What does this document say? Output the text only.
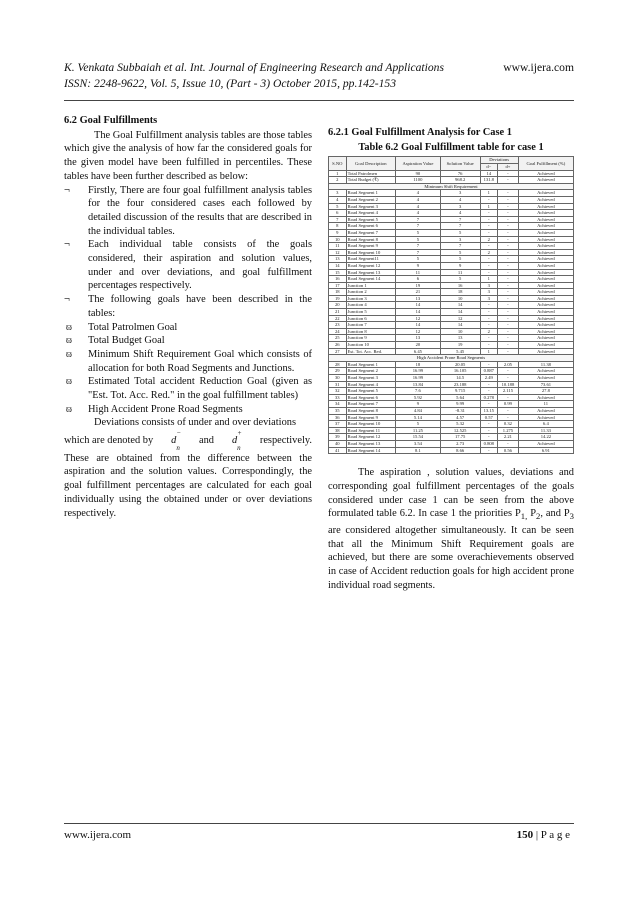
K. Venkata Subbaiah et al. Int. Journal of Engineering Research and Applications	www.ijera.com
ISSN: 2248-9622, Vol. 5, Issue 10, (Part - 3) October 2015, pp.142-153

6.2 Goal Fulfillments

The Goal Fulfillment analysis tables are those tables which give the analysis of how far the considered goals for the given model have been fulfilled in percentiles. These tables have been further described as below:

¬ Firstly, There are four goal fulfillment analysis tables for the four considered cases each followed by detailed discussion of the results that are described in the individual tables.

¬ Each individual table consists of the goals considered, their aspiration and solution values, under and over deviations, and goal fulfillment percentages respectively.

¬ The following goals have been described in the tables:

ϖ Total Patrolmen Goal

ϖ Total Budget Goal

ϖ Minimum Shift Requirement Goal which consists of allocation for both Road Segments and Junctions.

ϖ Estimated Total accident Reduction Goal (given as "Est. Tot. Acc. Red." in the goal fulfillment tables)

ϖ High Accident Prone Road Segments

Deviations consists of under and over deviations

which are denoted by d−
$_n$
and d+
$_n$
respectively.

These are obtained from the difference between the aspiration and the solution values. Correspondingly, the goal fulfillment percentages are calculated for each goal individually using the obtained under or over deviations respectively.

6.2.1 Goal Fulfillment Analysis for Case 1

Table 6.2 Goal Fulfillment table for case 1

S.NO	Goal Description	Aspiration Value	Solution Value	Deviations		Goal Fulfillment (%)
				d−	d+	
1	Total Patrolmen	90	76	14	-	Achieved
2	Total Budget (₹)	1100	968.2	131.8	-	Achieved
Minimum Shift Requirement						
3	Road Segment 1	4	3	1	-	Achieved
4	Road Segment 2	4	4	-	-	Achieved
5	Road Segment 3	4	3	1	-	Achieved
6	Road Segment 4	4	4	-	-	Achieved
7	Road Segment 5	7	7	-	-	Achieved
8	Road Segment 6	7	7	-	-	Achieved
9	Road Segment 7	5	5	-	-	Achieved
10	Road Segment 8	5	3	2	-	Achieved
11	Road Segment 9	7	7	-	-	Achieved
12	Road Segment 10	7	5	2	-	Achieved
13	Road Segment11	5	5	-	-	Achieved
14	Road Segment 12	9	9	-	-	Achieved
15	Road Segment 13	11	11	-	-	Achieved
16	Road Segment 14	6	5	1	-	Achieved
17	Junction 1	19	16	3	-	Achieved
18	Junction 2	21	18	3	-	Achieved
19	Junction 3	13	10	3	-	Achieved
20	Junction 4	14	14	-	-	Achieved
21	Junction 5	14	14	-	-	Achieved
22	Junction 6	12	12	-	-	Achieved
23	Junction 7	14	14	-	-	Achieved
24	Junction 8	12	10	2	-	Achieved
25	Junction 9	13	13	-	-	Achieved
26	Junction 10	20	19	-	-	Achieved
27	Est. Tot. Acc. Red.	6.45	5.45	1	-	Achieved
High Accident Prone Road Segments						
28	Road Segment 1	18	20.05	-	2.05	11.38
29	Road Segment 2	16.99	16.105	0.887	-	Achieved
30	Road Segment 3	16.99	14.5	2.49	-	Achieved
31	Road Segment 4	13.84	23.188	-	10.188	73.61
32	Road Segment 5	7.6	9.715	-	2.115	27.8
33	Road Segment 6	5.92	5.64	0.278	-	Achieved
34	Road Segment 7	9	9.99	-	0.99	11
35	Road Segment 8	4.84	-8.31	13.15	-	Achieved
36	Road Segment 9	5.14	4.57	0.57	-	Achieved
37	Road Segment 10	5	5.32	-	0.32	6.4
38	Road Segment 11	11.25	12.525	-	1.275	11.33
39	Road Segment 12	15.54	17.75	-	2.21	14.22
40	Road Segment 13	3.54	2.73	0.808	-	Achieved
41	Road Segment 14	8.1	8.66	-	0.56	6.91

The aspiration , solution values, deviations and corresponding goal fulfillment percentages of the goals considered under case 1 can be seen from the above formulated table 6.2. In case 1 the priorities $P_{1,}$ $P_2$, and $P_3$ are considered altogether simultaneously. It can be seen that all the Minimum Shift Requirement goals are achieved, but there are some overachievements observed in case of Accident reduction goals for high accident prone individual road segments.

www.ijera.com	150 | P a g e
